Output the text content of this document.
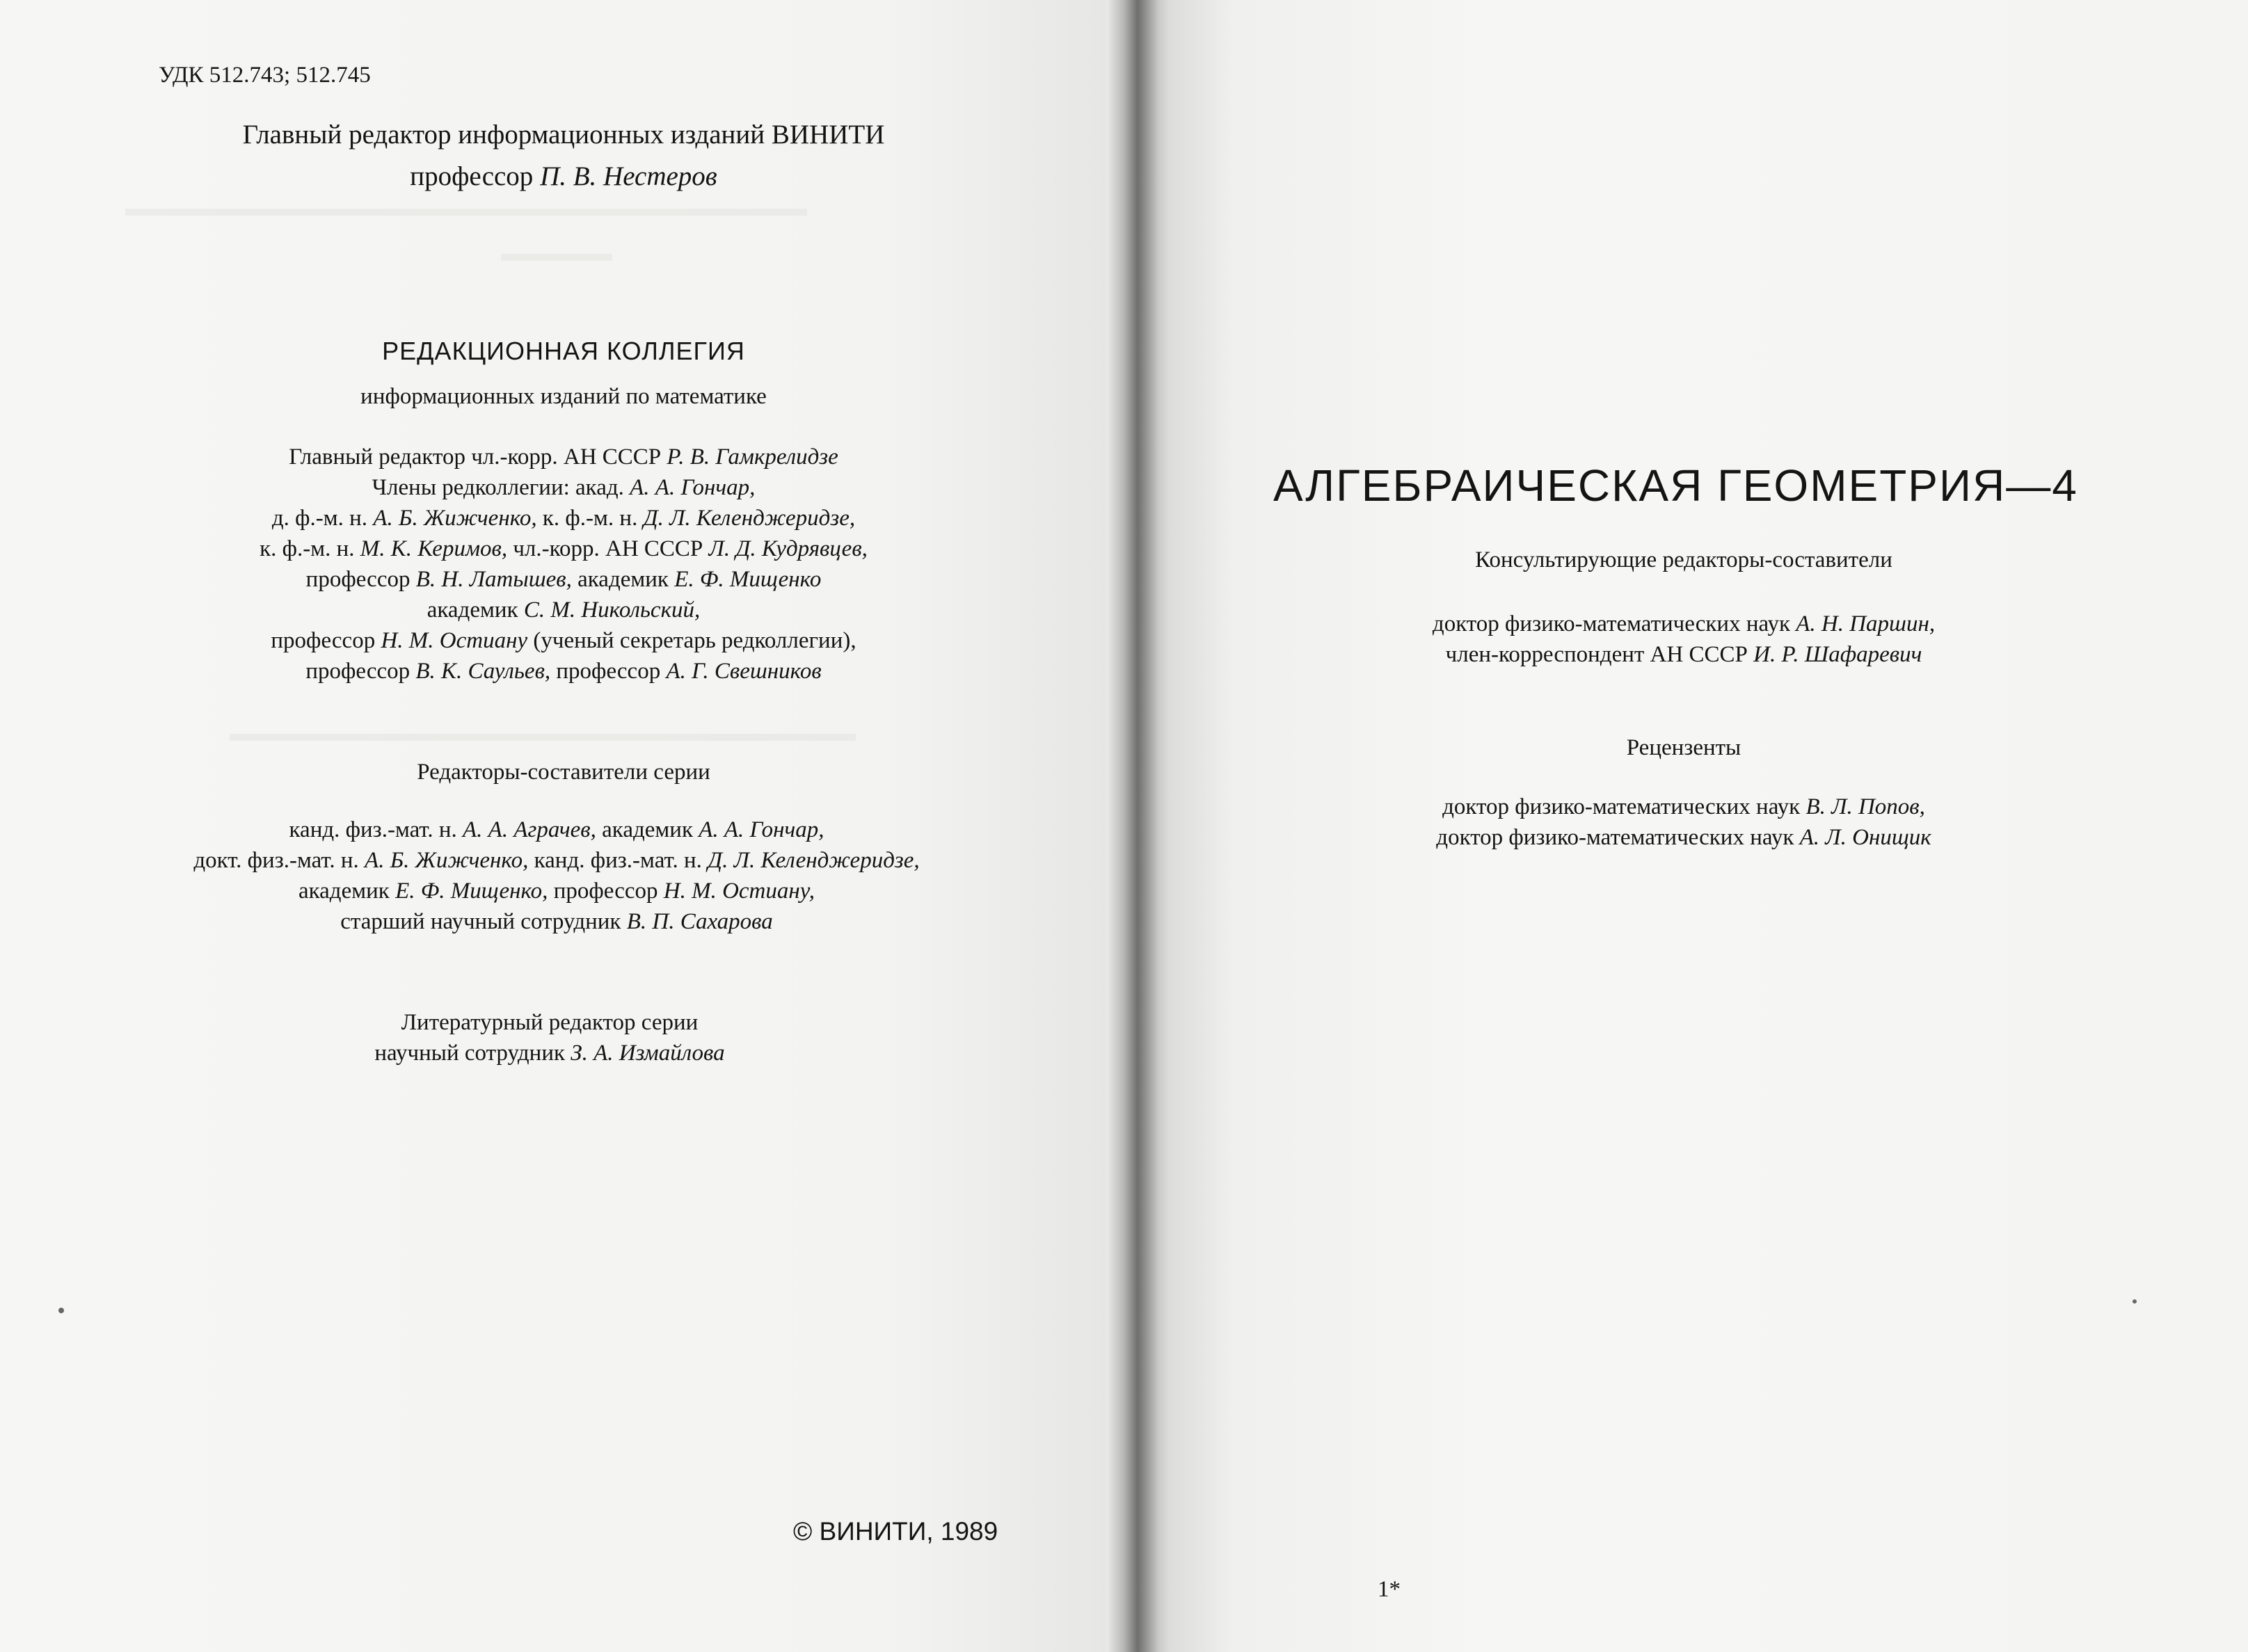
УДК 512.743; 512.745
Главный редактор информационных изданий ВИНИТИ
профессор П. В. Нестеров
РЕДАКЦИОННАЯ КОЛЛЕГИЯ
информационных изданий по математике
Главный редактор чл.-корр. АН СССР Р. В. Гамкрелидзе
Члены редколлегии: акад. А. А. Гончар,
д. ф.-м. н. А. Б. Жижченко, к. ф.-м. н. Д. Л. Келенджеридзе,
к. ф.-м. н. М. К. Керимов, чл.-корр. АН СССР Л. Д. Кудрявцев,
профессор В. Н. Латышев, академик Е. Ф. Мищенко
академик С. М. Никольский,
профессор Н. М. Остиану (ученый секретарь редколлегии),
профессор В. К. Саульев, профессор А. Г. Свешников
Редакторы-составители серии
канд. физ.-мат. н. А. А. Аграчев, академик А. А. Гончар,
докт. физ.-мат. н. А. Б. Жижченко, канд. физ.-мат. н. Д. Л. Келенджеридзе,
академик Е. Ф. Мищенко, профессор Н. М. Остиану,
старший научный сотрудник В. П. Сахарова
Литературный редактор серии
научный сотрудник З. А. Измайлова
© ВИНИТИ, 1989
АЛГЕБРАИЧЕСКАЯ ГЕОМЕТРИЯ—4
Консультирующие редакторы-составители
доктор физико-математических наук А. Н. Паршин,
член-корреспондент АН СССР И. Р. Шафаревич
Рецензенты
доктор физико-математических наук В. Л. Попов,
доктор физико-математических наук А. Л. Онищик
1*
